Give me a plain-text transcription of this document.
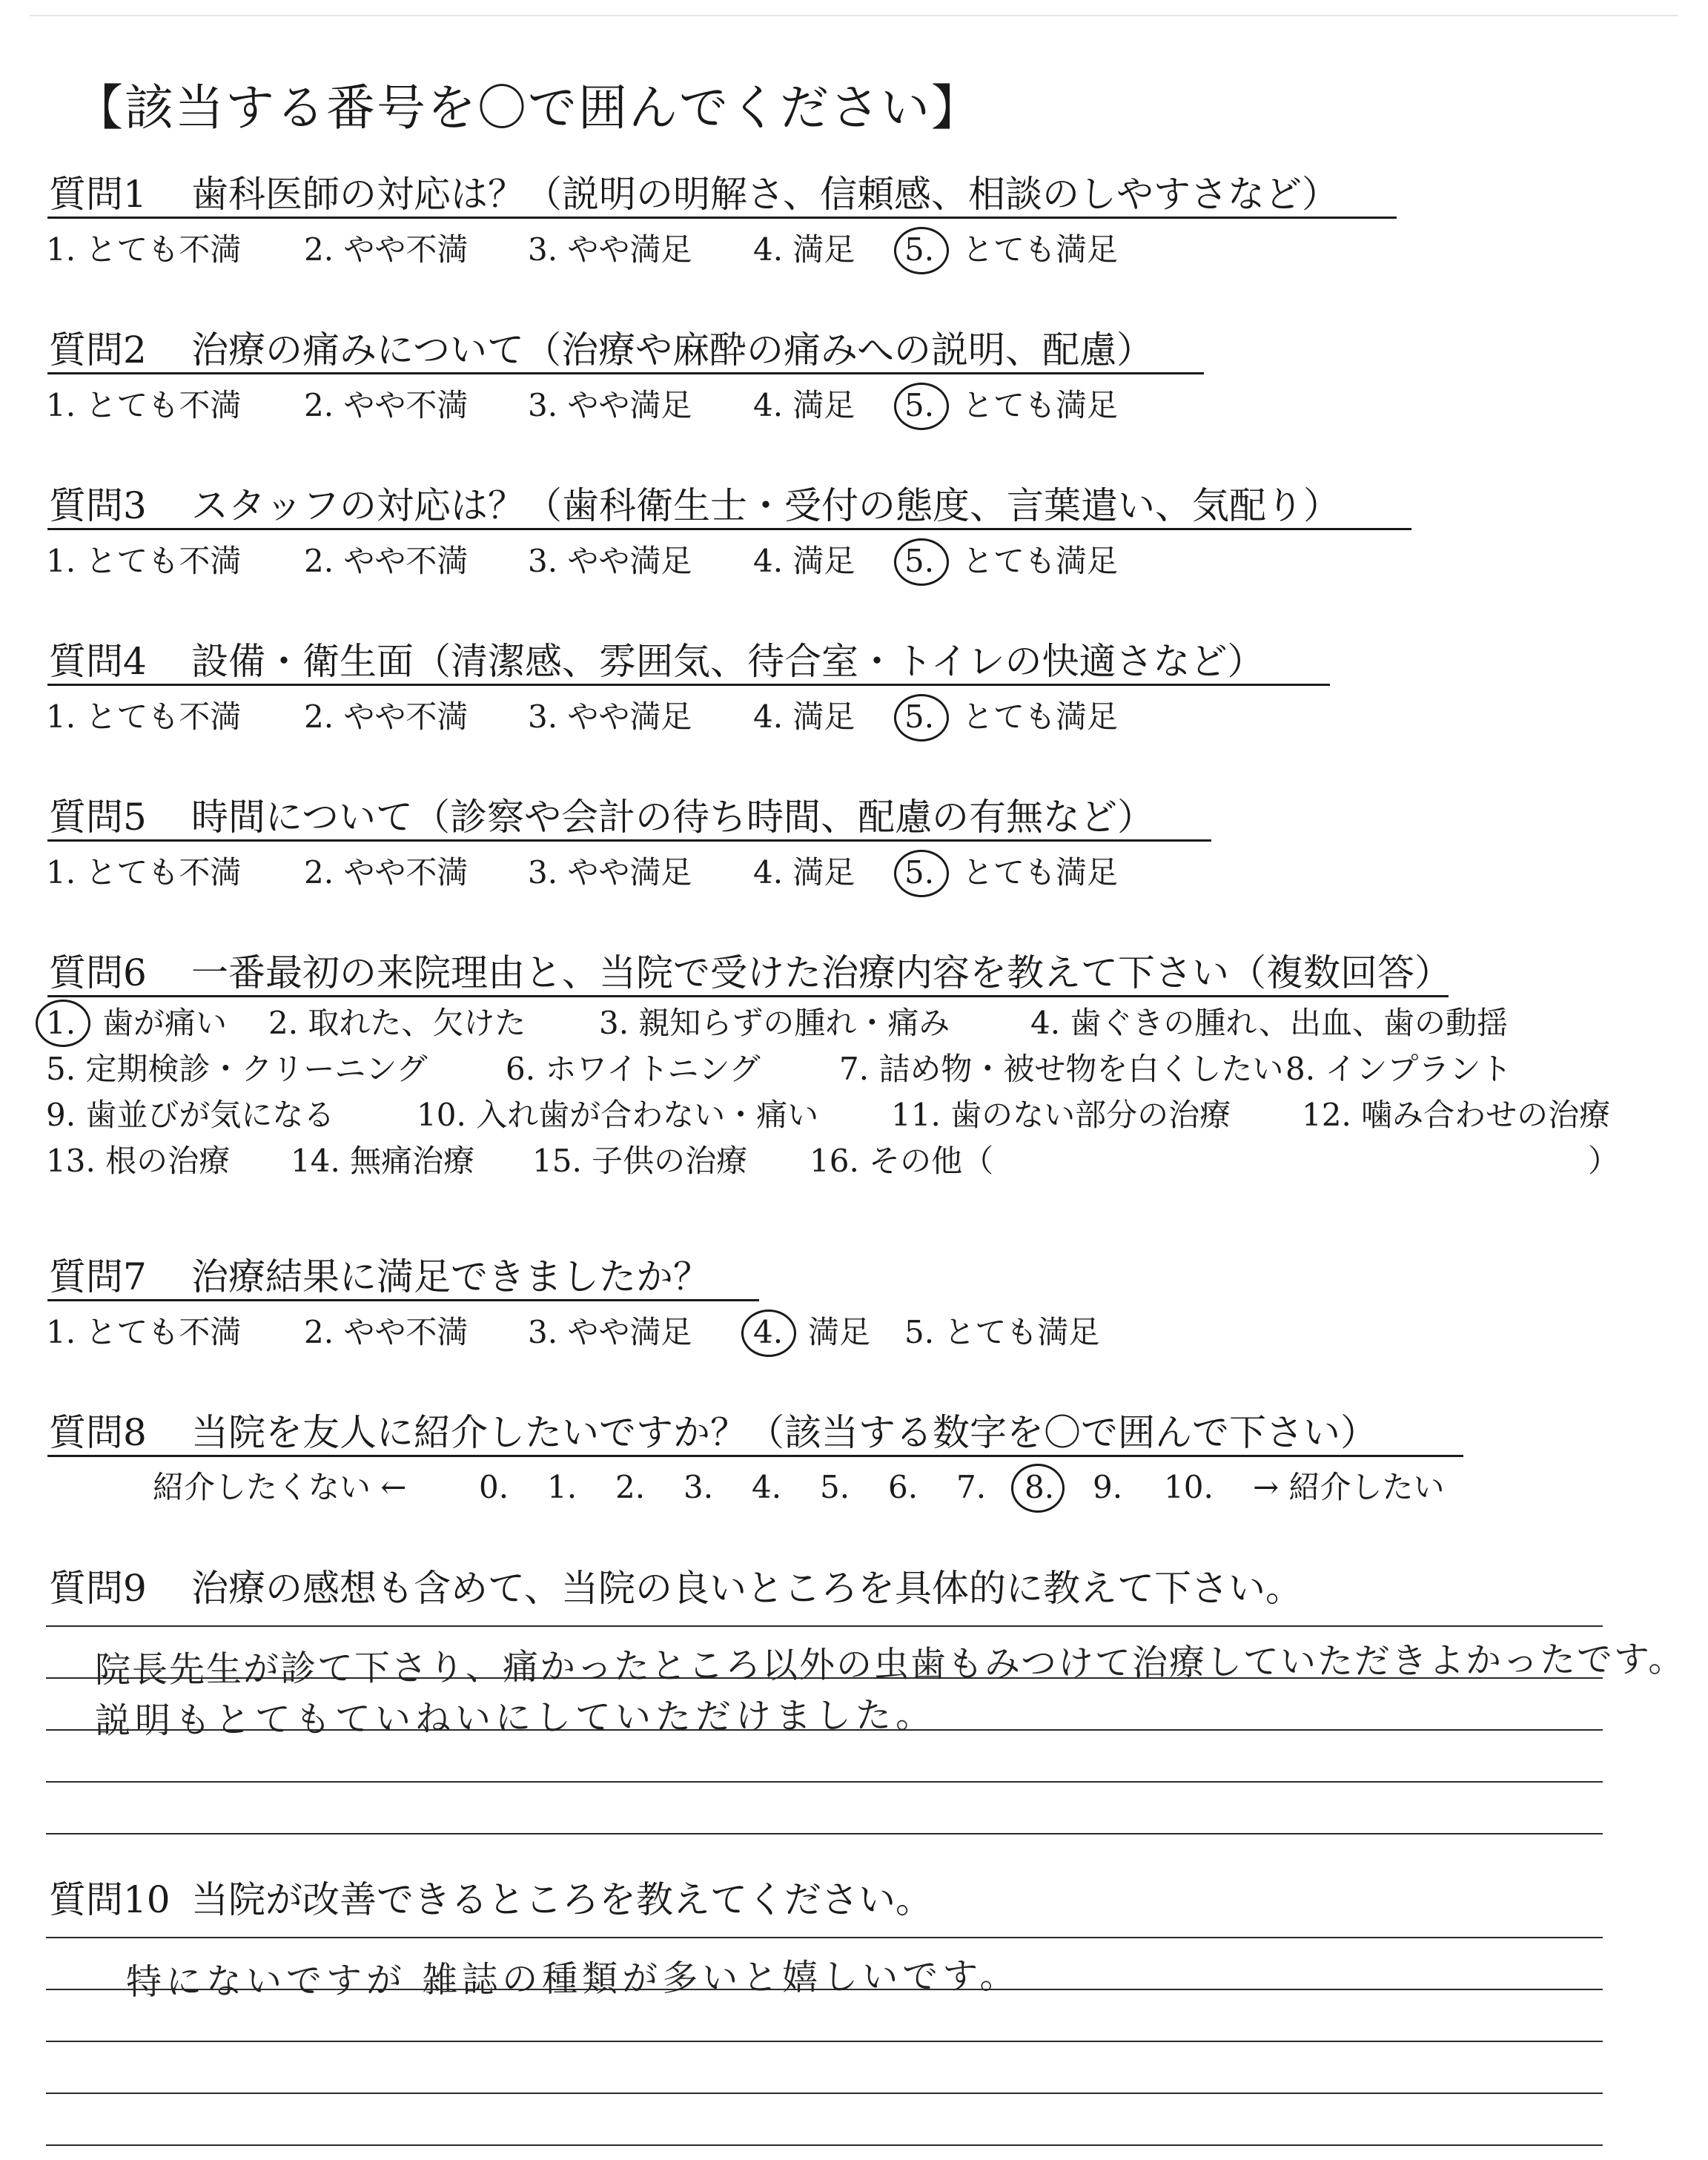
【該当する番号を〇で囲んでください】
質問1 歯科医師の対応は？（説明の明解さ、信頼感、相談のしやすさなど）
1. とても不満 2. やや不満 3. やや満足 4. 満足 5. とても満足
質問2 治療の痛みについて（治療や麻酔の痛みへの説明、配慮）
1. とても不満 2. やや不満 3. やや満足 4. 満足 5. とても満足
質問3 スタッフの対応は？（歯科衛生士・受付の態度、言葉遣い、気配り）
1. とても不満 2. やや不満 3. やや満足 4. 満足 5. とても満足
質問4 設備・衛生面（清潔感、雰囲気、待合室・トイレの快適さなど）
1. とても不満 2. やや不満 3. やや満足 4. 満足 5. とても満足
質問5 時間について（診察や会計の待ち時間、配慮の有無など）
1. とても不満 2. やや不満 3. やや満足 4. 満足 5. とても満足
質問6 一番最初の来院理由と、当院で受けた治療内容を教えて下さい（複数回答）
1. 歯が痛い 2. 取れた、欠けた 3. 親知らずの腫れ・痛み	4. 歯ぐきの腫れ、出血、歯の動揺
5. 定期検診・クリーニング	6. ホワイトニング	7. 詰め物・被せ物を白くしたい 8. インプラント
9. 歯並びが気になる	10. 入れ歯が合わない・痛い 11. 歯のない部分の治療 12. 噛み合わせの治療
13. 根の治療 14. 無痛治療 15. 子供の治療 16. その他（	）
質問7 治療結果に満足できましたか？
1. とても不満 2. やや不満 3. やや満足 4. 満足 5. とても満足
質問8 当院を友人に紹介したいですか？（該当する数字を〇で囲んで下さい）
紹介したくない ← 0. 1. 2. 3. 4. 5. 6. 7. 8. 9. 10. → 紹介したい
質問9 治療の感想も含めて、当院の良いところを具体的に教えて下さい。
院長先生が診て下さり、痛かったところ以外の虫歯もみつけて治療していただきよかったです。
説明もとてもていねいにしていただけました。
質問10 当院が改善できるところを教えてください。
特にないですが 雑誌の種類が多いと嬉しいです。
